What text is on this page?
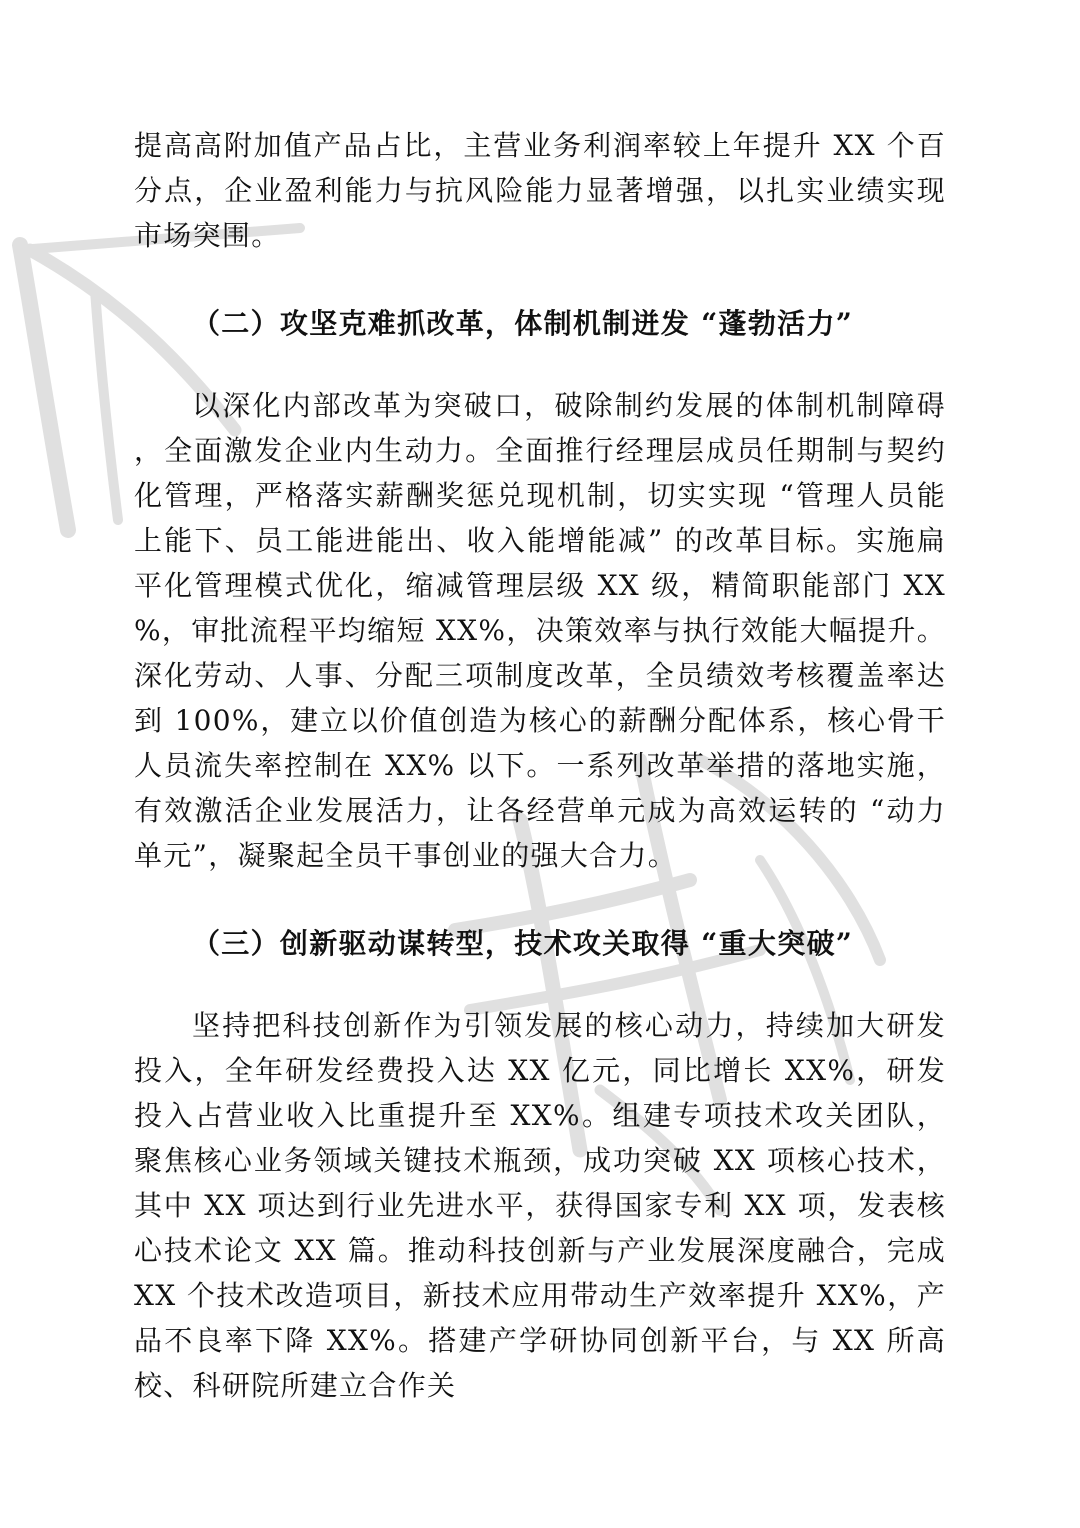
提高高附加值产品占比，主营业务利润率较上年提升 XX 个百分点，企业盈利能力与抗风险能力显著增强，以扎实业绩实现市场突围。

（二）攻坚克难抓改革，体制机制迸发 “蓬勃活力”

以深化内部改革为突破口，破除制约发展的体制机制障碍，全面激发企业内生动力。全面推行经理层成员任期制与契约化管理，严格落实薪酬奖惩兑现机制，切实实现 “管理人员能上能下、员工能进能出、收入能增能减” 的改革目标。实施扁平化管理模式优化，缩减管理层级 XX 级，精简职能部门 XX%，审批流程平均缩短 XX%，决策效率与执行效能大幅提升。深化劳动、人事、分配三项制度改革，全员绩效考核覆盖率达到 100%，建立以价值创造为核心的薪酬分配体系，核心骨干人员流失率控制在 XX% 以下。一系列改革举措的落地实施，有效激活企业发展活力，让各经营单元成为高效运转的 “动力单元”，凝聚起全员干事创业的强大合力。

（三）创新驱动谋转型，技术攻关取得 “重大突破”

坚持把科技创新作为引领发展的核心动力，持续加大研发投入，全年研发经费投入达 XX 亿元，同比增长 XX%，研发投入占营业收入比重提升至 XX%。组建专项技术攻关团队，聚焦核心业务领域关键技术瓶颈，成功突破 XX 项核心技术，其中 XX 项达到行业先进水平，获得国家专利 XX 项，发表核心技术论文 XX 篇。推动科技创新与产业发展深度融合，完成 XX 个技术改造项目，新技术应用带动生产效率提升 XX%，产品不良率下降 XX%。搭建产学研协同创新平台，与 XX 所高校、科研院所建立合作关
